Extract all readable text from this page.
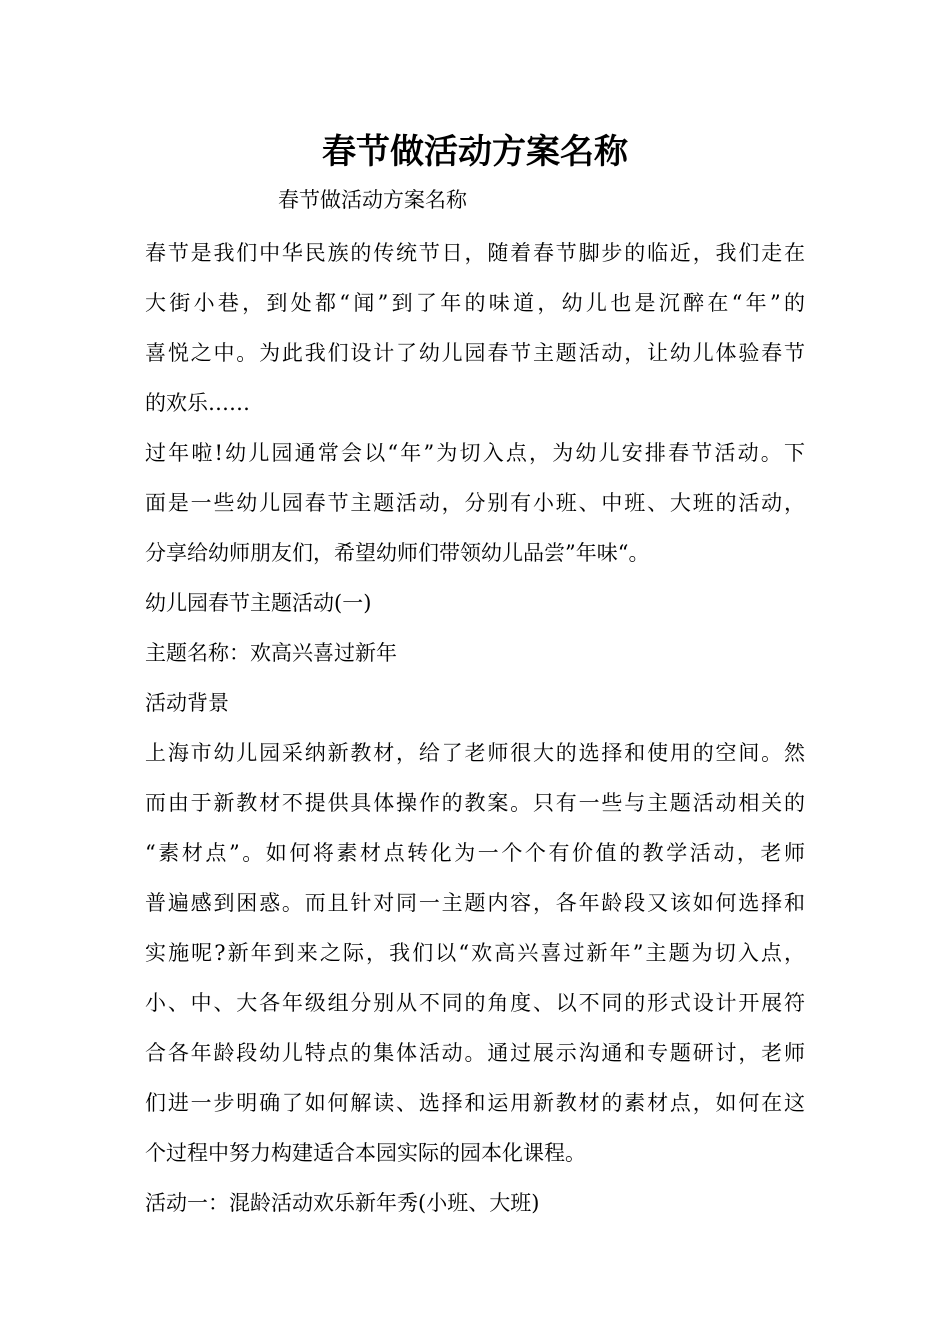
春节做活动方案名称

春节做活动方案名称

春节是我们中华民族的传统节日，随着春节脚步的临近，我们走在
大街小巷，到处都“闻”到了年的味道，幼儿也是沉醉在“年”的
喜悦之中。为此我们设计了幼儿园春节主题活动，让幼儿体验春节
的欢乐……
过年啦!幼儿园通常会以“年”为切入点，为幼儿安排春节活动。下
面是一些幼儿园春节主题活动，分别有小班、中班、大班的活动，
分享给幼师朋友们，希望幼师们带领幼儿品尝”年味“。
幼儿园春节主题活动(一)
主题名称：欢高兴喜过新年
活动背景
上海市幼儿园采纳新教材，给了老师很大的选择和使用的空间。然
而由于新教材不提供具体操作的教案。只有一些与主题活动相关的
“素材点”。如何将素材点转化为一个个有价值的教学活动，老师
普遍感到困惑。而且针对同一主题内容，各年龄段又该如何选择和
实施呢?新年到来之际，我们以“欢高兴喜过新年”主题为切入点，
小、中、大各年级组分别从不同的角度、以不同的形式设计开展符
合各年龄段幼儿特点的集体活动。通过展示沟通和专题研讨，老师
们进一步明确了如何解读、选择和运用新教材的素材点，如何在这
个过程中努力构建适合本园实际的园本化课程。
活动一：混龄活动欢乐新年秀(小班、大班)
